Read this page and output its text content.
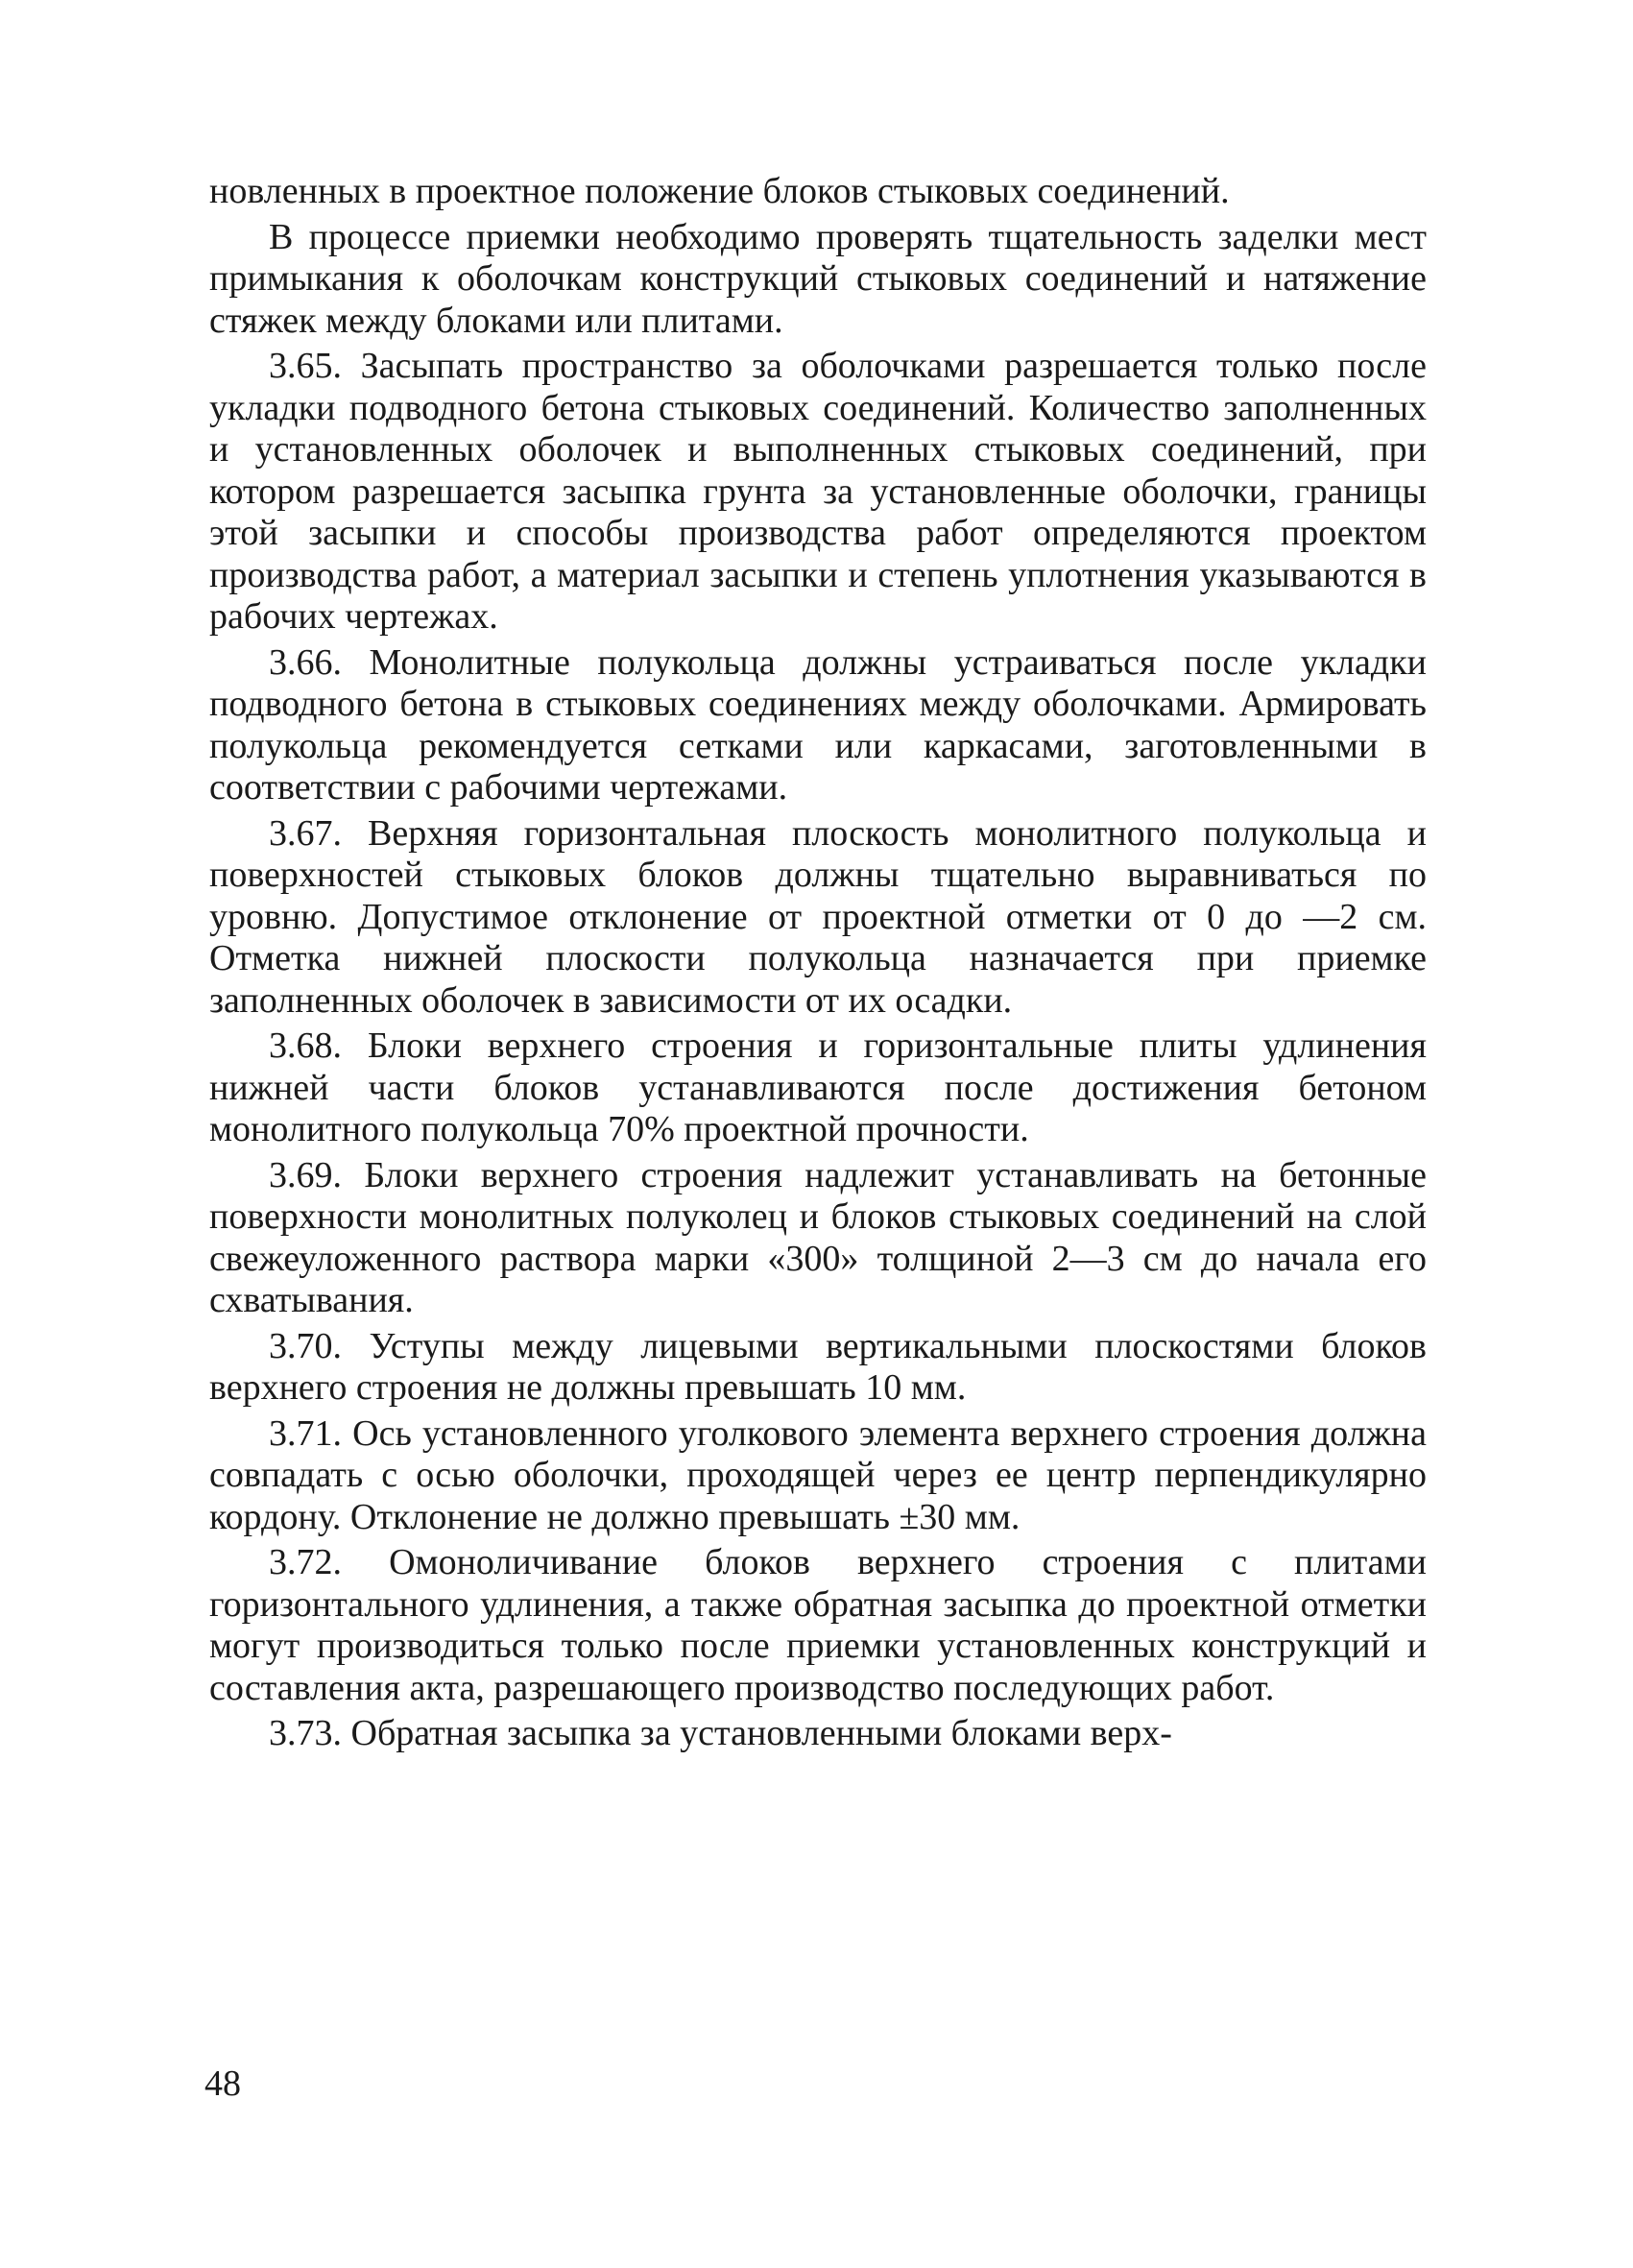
новленных в проектное положение блоков стыковых соединений.

В процессе приемки необходимо проверять тщательность заделки мест примыкания к оболочкам конструкций стыковых соединений и натяжение стяжек между блоками или плитами.

3.65. Засыпать пространство за оболочками разрешается только после укладки подводного бетона стыковых соединений. Количество заполненных и установленных оболочек и выполненных стыковых соединений, при котором разрешается засыпка грунта за установленные оболочки, границы этой засыпки и способы производства работ определяются проектом производства работ, а материал засыпки и степень уплотнения указываются в рабочих чертежах.

3.66. Монолитные полукольца должны устраиваться после укладки подводного бетона в стыковых соединениях между оболочками. Армировать полукольца рекомендуется сетками или каркасами, заготовленными в соответствии с рабочими чертежами.

3.67. Верхняя горизонтальная плоскость монолитного полукольца и поверхностей стыковых блоков должны тщательно выравниваться по уровню. Допустимое отклонение от проектной отметки от 0 до —2 см. Отметка нижней плоскости полукольца назначается при приемке заполненных оболочек в зависимости от их осадки.

3.68. Блоки верхнего строения и горизонтальные плиты удлинения нижней части блоков устанавливаются после достижения бетоном монолитного полукольца 70% проектной прочности.

3.69. Блоки верхнего строения надлежит устанавливать на бетонные поверхности монолитных полуколец и блоков стыковых соединений на слой свежеуложенного раствора марки «300» толщиной 2—3 см до начала его схватывания.

3.70. Уступы между лицевыми вертикальными плоскостями блоков верхнего строения не должны превышать 10 мм.

3.71. Ось установленного уголкового элемента верхнего строения должна совпадать с осью оболочки, проходящей через ее центр перпендикулярно кордону. Отклонение не должно превышать ±30 мм.

3.72. Омоноличивание блоков верхнего строения с плитами горизонтального удлинения, а также обратная засыпка до проектной отметки могут производиться только после приемки установленных конструкций и составления акта, разрешающего производство последующих работ.

3.73. Обратная засыпка за установленными блоками верх-

48
